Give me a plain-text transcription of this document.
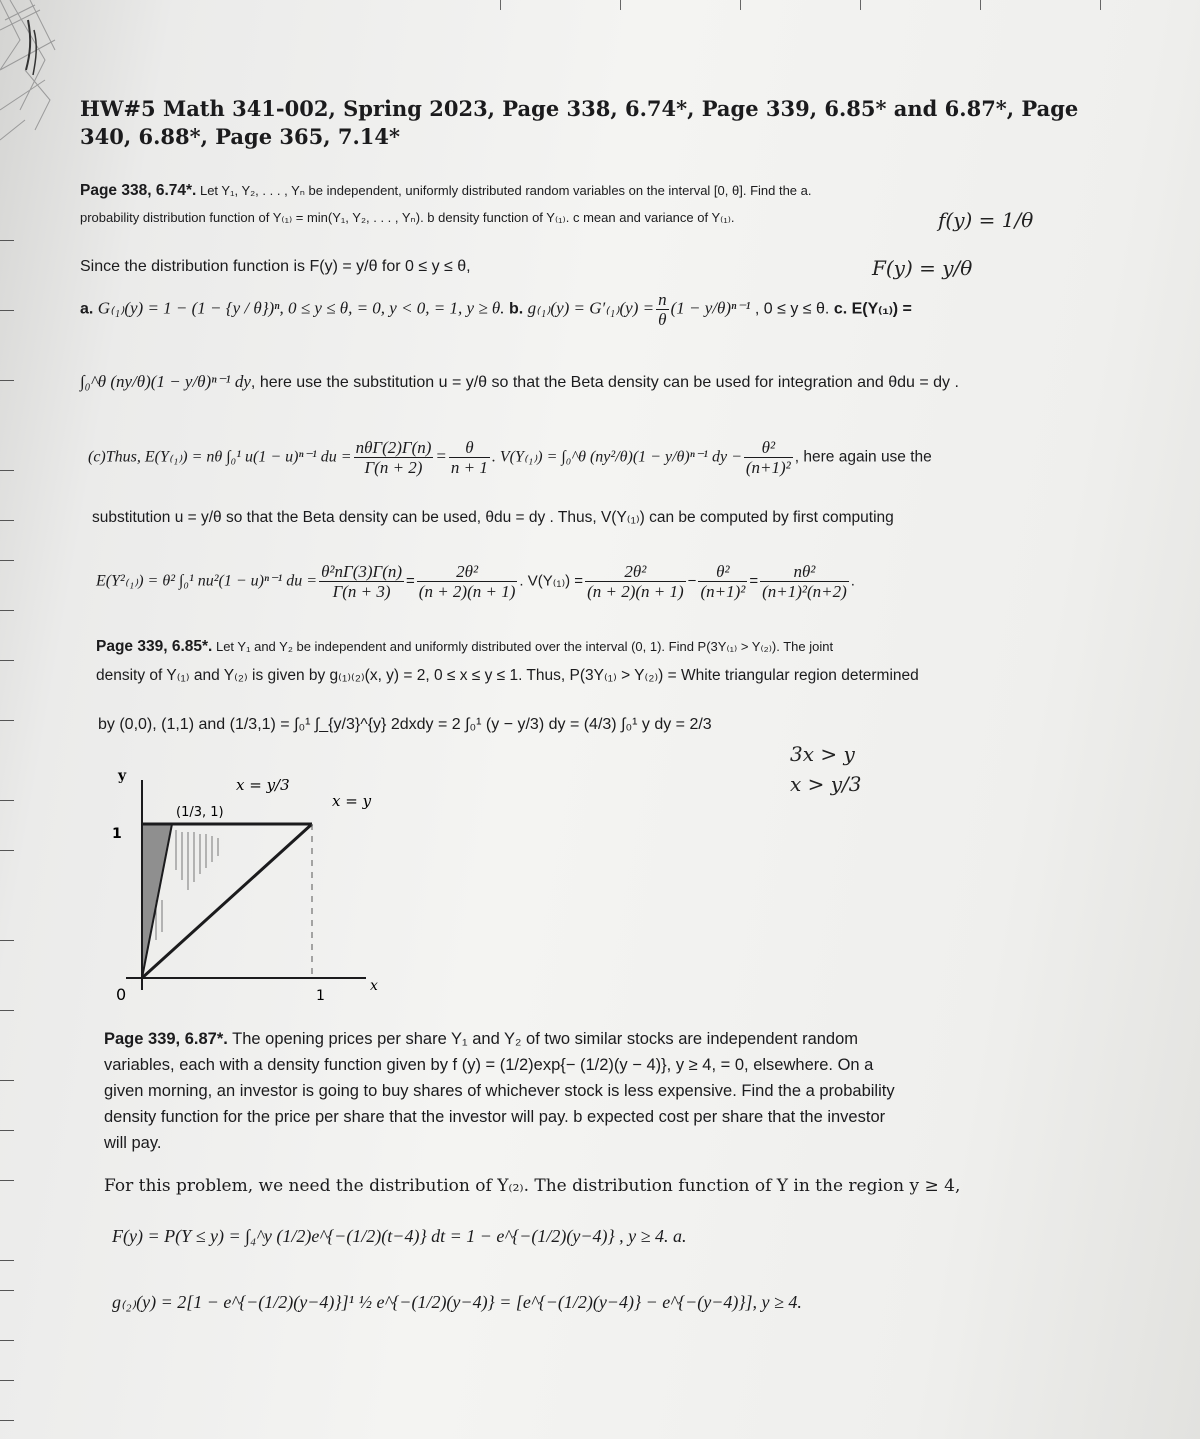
HW#5 Math 341-002, Spring 2023, Page 338, 6.74*, Page 339, 6.85* and 6.87*, Page
340, 6.88*, Page 365, 7.14*
Page 338, 6.74*. Let Y₁, Y₂, . . . , Yₙ be independent, uniformly distributed random variables on the interval [0, θ]. Find the a.
probability distribution function of Y₍₁₎ = min(Y₁, Y₂, . . . , Yₙ). b density function of Y₍₁₎. c mean and variance of Y₍₁₎.	f(y) = 1/θ
F(y) = y/θ
Since the distribution function is F(y) = y/θ for 0 ≤ y ≤ θ,
a. G₍₁₎(y) = 1 − (1 − {y / θ})ⁿ, 0 ≤ y ≤ θ, = 0, y < 0, = 1, y ≥ θ. b. $g_{(1)}(y) = G'_{(1)}(y) = \frac{n}{\theta} (1 - y/\theta)^{n-1}$ , 0 ≤ y ≤ θ. c. E(Y₍₁₎) =
∫₀^θ (ny/θ)(1 − y/θ)ⁿ⁻¹ dy, here use the substitution u = y/θ so that the Beta density can be used for integration and θdu = dy .
(c)Thus, E(Y₍₁₎) = nθ ∫₀¹ u(1 − u)ⁿ⁻¹ du = $\frac{\text{nθΓ(2)Γ(n)}}{\Gamma(n + 2)} = \frac{\theta}{n + 1}$ . V(Y₍₁₎) = ∫₀^θ (ny²/θ)(1 − y/θ)ⁿ⁻¹ dy − $\frac{\text{θ²}}{\text{(n+1)²}}$ , here again use the
substitution u = y/θ so that the Beta density can be used, θdu = dy . Thus, V(Y₍₁₎) can be computed by first computing
E(Y²₍₁₎) = θ² ∫₀¹ nu²(1 − u)ⁿ⁻¹ du = $\frac{\text{θ²nΓ(3)Γ(n)}}{\Gamma(n + 3)} = \frac{\text{2θ²}}{(n + 2)(n + 1)}$ . $V(Y_{(1)}) = \frac{\text{2θ²}}{(n + 2)(n + 1)} - \frac{\text{θ²}}{\text{(n+1)²}} = \frac{\text{nθ²}}{\text{(n+1)²(n+2)}}$ .
Page 339, 6.85*. Let Y₁ and Y₂ be independent and uniformly distributed over the interval (0, 1). Find P(3Y₍₁₎ > Y₍₂₎). The joint
density of Y₍₁₎ and Y₍₂₎ is given by g₍₁₎₍₂₎(x, y) = 2, 0 ≤ x ≤ y ≤ 1. Thus, P(3Y₍₁₎ > Y₍₂₎) = White triangular region determined
by (0,0), (1,1) and (1/3,1) = ∫₀¹ ∫_{y/3}^{y} 2dxdy = 2 ∫₀¹ (y − y/3) dy = (4/3) ∫₀¹ y dy = 2/3
3x > y
x > y/3
y
x
0	1
1
(1/3, 1)
x = y/3
x = y
Page 339, 6.87*. The opening prices per share Y₁ and Y₂ of two similar stocks are independent random
variables, each with a density function given by f (y) = (1/2)exp{− (1/2)(y − 4)}, y ≥ 4, = 0, elsewhere. On a
given morning, an investor is going to buy shares of whichever stock is less expensive. Find the a probability
density function for the price per share that the investor will pay. b expected cost per share that the investor
will pay.
For this problem, we need the distribution of Y₍₂₎. The distribution function of Y in the region y ≥ 4,
F(y) = P(Y ≤ y) = ∫₄^y (1/2)e^{−(1/2)(t−4)} dt = 1 − e^{−(1/2)(y−4)} , y ≥ 4. a.
g₍₂₎(y) = 2[1 − e^{−(1/2)(y−4)}]¹ ½ e^{−(1/2)(y−4)} = [e^{−(1/2)(y−4)} − e^{−(y−4)}], y ≥ 4.
